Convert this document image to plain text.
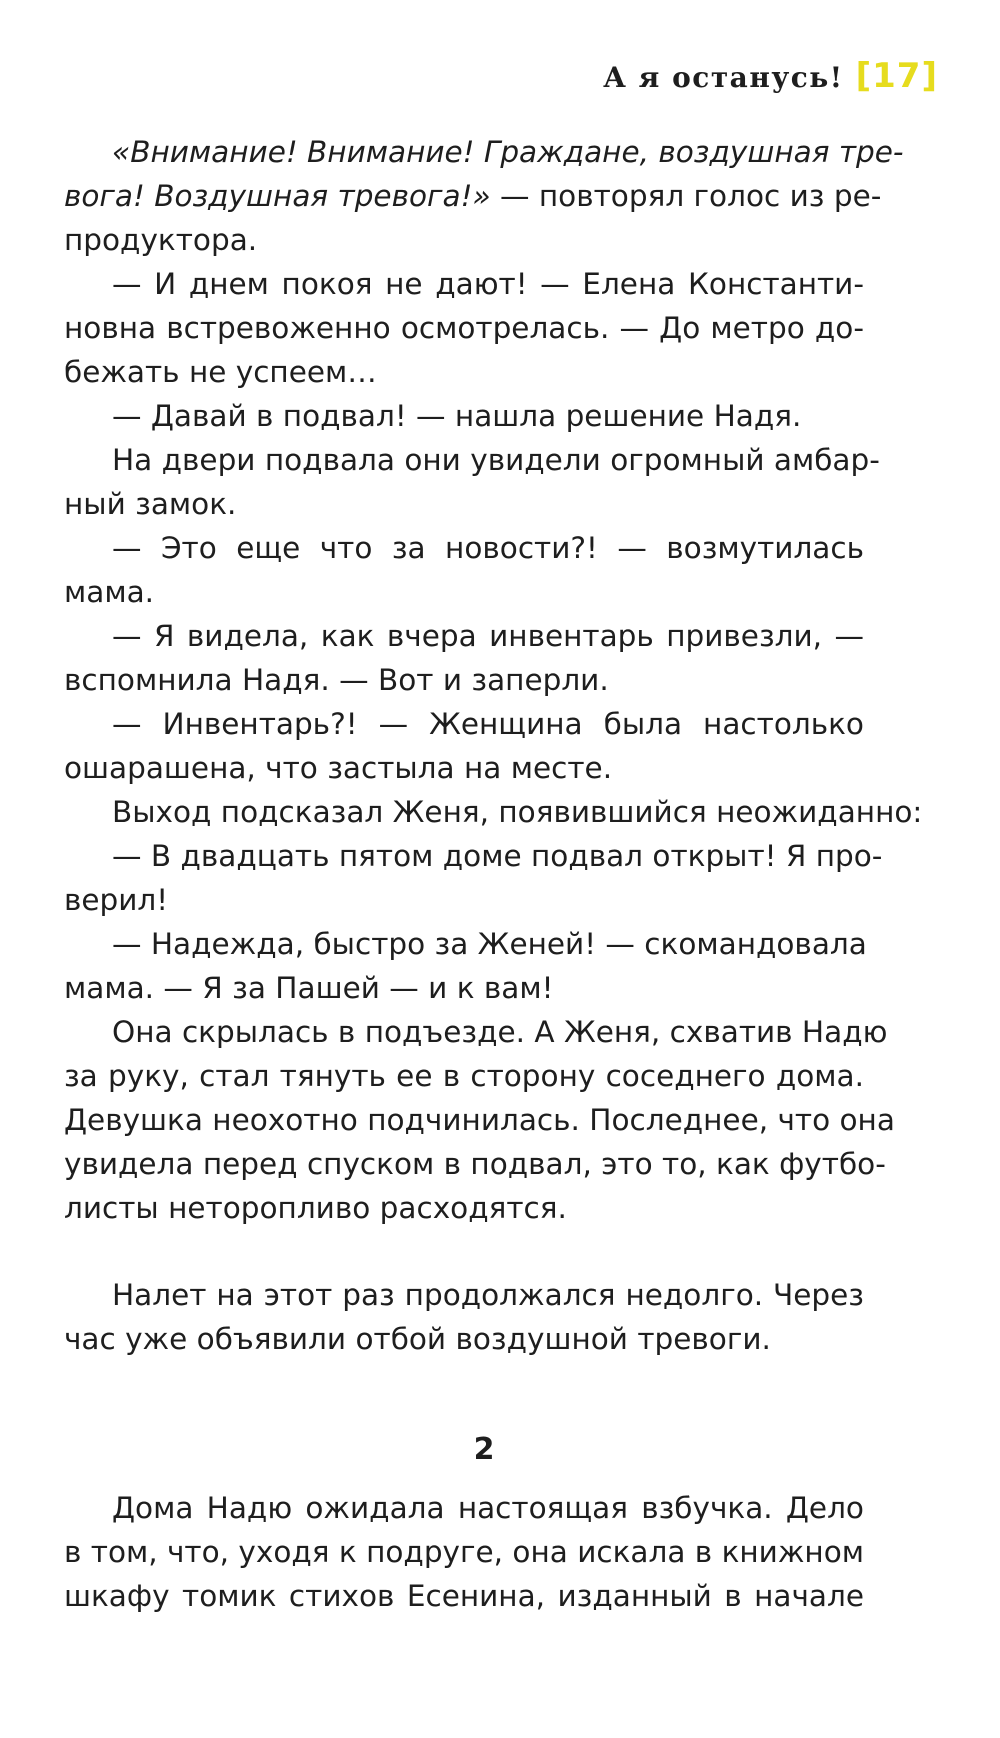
А я останусь! [17]
«Внимание! Внимание! Граждане, воздушная тре-
вога! Воздушная тревога!» — повторял голос из ре-
продуктора.
— И днем покоя не дают! — Елена Константи-
новна встревоженно осмотрелась. — До метро до-
бежать не успеем…
— Давай в подвал! — нашла решение Надя.
На двери подвала они увидели огромный амбар-
ный замок.
— Это еще что за новости?! — возмутилась
мама.
— Я видела, как вчера инвентарь привезли, —
вспомнила Надя. — Вот и заперли.
— Инвентарь?! — Женщина была настолько
ошарашена, что застыла на месте.
Выход подсказал Женя, появившийся неожиданно:
— В двадцать пятом доме подвал открыт! Я про-
верил!
— Надежда, быстро за Женей! — скомандовала
мама. — Я за Пашей — и к вам!
Она скрылась в подъезде. А Женя, схватив Надю
за руку, стал тянуть ее в сторону соседнего дома.
Девушка неохотно подчинилась. Последнее, что она
увидела перед спуском в подвал, это то, как футбо-
листы неторопливо расходятся.
Налет на этот раз продолжался недолго. Через
час уже объявили отбой воздушной тревоги.
2
Дома Надю ожидала настоящая взбучка. Дело
в том, что, уходя к подруге, она искала в книжном
шкафу томик стихов Есенина, изданный в начале
